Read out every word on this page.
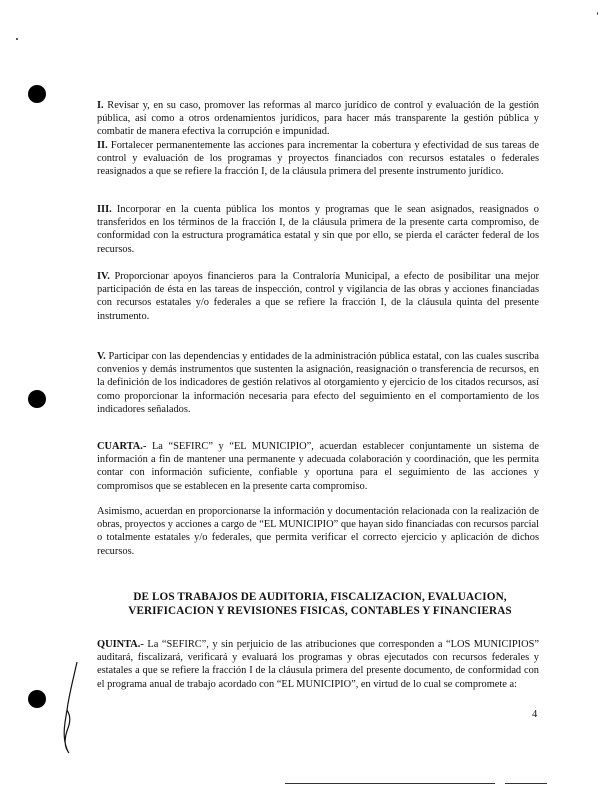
I. Revisar y, en su caso, promover las reformas al marco jurídico de control y evaluación de la gestión pública, así como a otros ordenamientos jurídicos, para hacer más transparente la gestión pública y combatir de manera efectiva la corrupción e impunidad.

II. Fortalecer permanentemente las acciones para incrementar la cobertura y efectividad de sus tareas de control y evaluación de los programas y proyectos financiados con recursos estatales o federales reasignados a que se refiere la fracción I, de la cláusula primera del presente instrumento jurídico.

III. Incorporar en la cuenta pública los montos y programas que le sean asignados, reasignados o transferidos en los términos de la fracción I, de la cláusula primera de la presente carta compromiso, de conformidad con la estructura programática estatal y sin que por ello, se pierda el carácter federal de los recursos.

IV. Proporcionar apoyos financieros para la Contraloría Municipal, a efecto de posibilitar una mejor participación de ésta en las tareas de inspección, control y vigilancia de las obras y acciones financiadas con recursos estatales y/o federales a que se refiere la fracción I, de la cláusula quinta del presente instrumento.

V. Participar con las dependencias y entidades de la administración pública estatal, con las cuales suscriba convenios y demás instrumentos que sustenten la asignación, reasignación o transferencia de recursos, en la definición de los indicadores de gestión relativos al otorgamiento y ejercicio de los citados recursos, así como proporcionar la información necesaria para efecto del seguimiento en el comportamiento de los indicadores señalados.

CUARTA.- La “SEFIRC” y “EL MUNICIPIO”, acuerdan establecer conjuntamente un sistema de información a fin de mantener una permanente y adecuada colaboración y coordinación, que les permita contar con información suficiente, confiable y oportuna para el seguimiento de las acciones y compromisos que se establecen en la presente carta compromiso.

Asimismo, acuerdan en proporcionarse la información y documentación relacionada con la realización de obras, proyectos y acciones a cargo de “EL MUNICIPIO” que hayan sido financiadas con recursos parcial o totalmente estatales y/o federales, que permita verificar el correcto ejercicio y aplicación de dichos recursos.

DE LOS TRABAJOS DE AUDITORIA, FISCALIZACION, EVALUACION,
VERIFICACION Y REVISIONES FISICAS, CONTABLES Y FINANCIERAS

QUINTA.- La “SEFIRC”, y sin perjuicio de las atribuciones que corresponden a “LOS MUNICIPIOS” auditará, fiscalizará, verificará y evaluará los programas y obras ejecutados con recursos federales y estatales a que se refiere la fracción I de la cláusula primera del presente documento, de conformidad con el programa anual de trabajo acordado con “EL MUNICIPIO”, en virtud de lo cual se compromete a:

4
